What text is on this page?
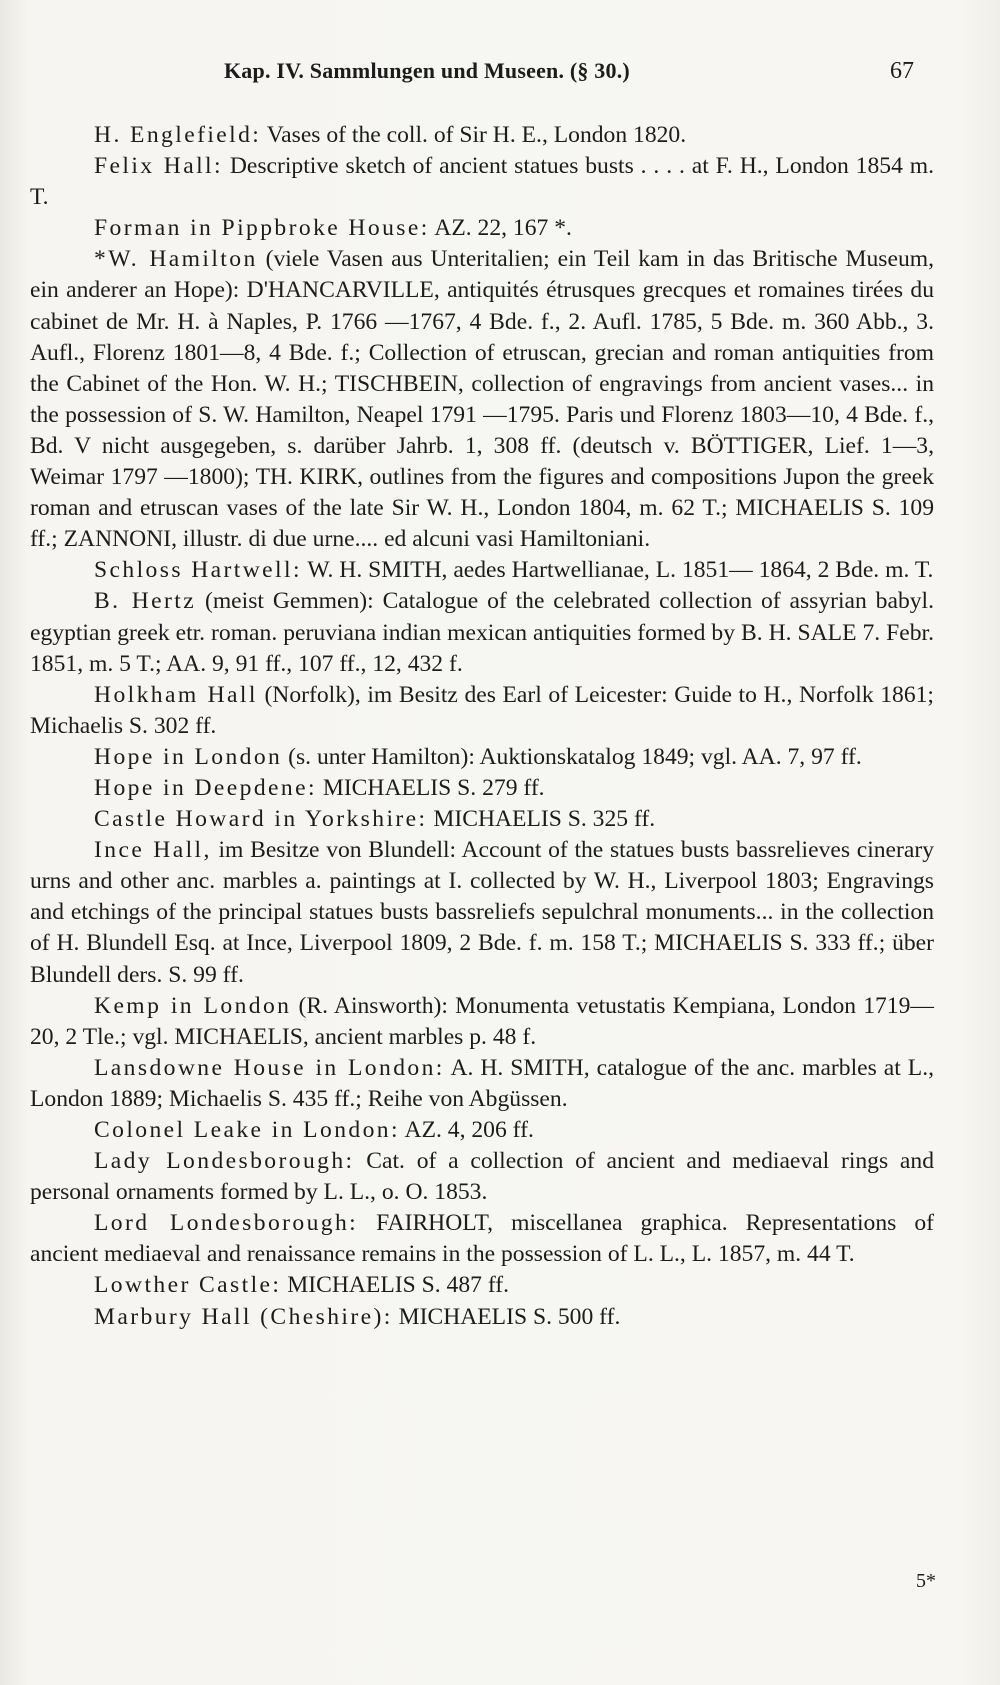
Kap. IV. Sammlungen und Museen. (§ 30.)	67

H. Englefield: Vases of the coll. of Sir H. E., London 1820.

Felix Hall: Descriptive sketch of ancient statues busts . . . . at F. H., London 1854 m. T.

Forman in Pippbroke House: AZ. 22, 167 *.

*W. Hamilton (viele Vasen aus Unteritalien; ein Teil kam in das Britische Museum, ein anderer an Hope): D'HANCARVILLE, antiquités étrusques grecques et romaines tirées du cabinet de Mr. H. à Naples, P. 1766 —1767, 4 Bde. f., 2. Aufl. 1785, 5 Bde. m. 360 Abb., 3. Aufl., Florenz 1801—8, 4 Bde. f.; Collection of etruscan, grecian and roman antiquities from the Cabinet of the Hon. W. H.; TISCHBEIN, collection of engravings from ancient vases... in the possession of S. W. Hamilton, Neapel 1791 —1795. Paris und Florenz 1803—10, 4 Bde. f., Bd. V nicht ausgegeben, s. darüber Jahrb. 1, 308 ff. (deutsch v. BÖTTIGER, Lief. 1—3, Weimar 1797 —1800); TH. KIRK, outlines from the figures and compositions Jupon the greek roman and etruscan vases of the late Sir W. H., London 1804, m. 62 T.; MICHAELIS S. 109 ff.; ZANNONI, illustr. di due urne.... ed alcuni vasi Hamiltoniani.

Schloss Hartwell: W. H. SMITH, aedes Hartwellianae, L. 1851— 1864, 2 Bde. m. T.

B. Hertz (meist Gemmen): Catalogue of the celebrated collection of assyrian babyl. egyptian greek etr. roman. peruviana indian mexican antiquities formed by B. H. SALE 7. Febr. 1851, m. 5 T.; AA. 9, 91 ff., 107 ff., 12, 432 f.

Holkham Hall (Norfolk), im Besitz des Earl of Leicester: Guide to H., Norfolk 1861; Michaelis S. 302 ff.

Hope in London (s. unter Hamilton): Auktionskatalog 1849; vgl. AA. 7, 97 ff.

Hope in Deepdene: MICHAELIS S. 279 ff.

Castle Howard in Yorkshire: MICHAELIS S. 325 ff.

Ince Hall, im Besitze von Blundell: Account of the statues busts bassrelieves cinerary urns and other anc. marbles a. paintings at I. collected by W. H., Liverpool 1803; Engravings and etchings of the principal statues busts bassreliefs sepulchral monuments... in the collection of H. Blundell Esq. at Ince, Liverpool 1809, 2 Bde. f. m. 158 T.; MICHAELIS S. 333 ff.; über Blundell ders. S. 99 ff.

Kemp in London (R. Ainsworth): Monumenta vetustatis Kempiana, London 1719—20, 2 Tle.; vgl. MICHAELIS, ancient marbles p. 48 f.

Lansdowne House in London: A. H. SMITH, catalogue of the anc. marbles at L., London 1889; Michaelis S. 435 ff.; Reihe von Abgüssen.

Colonel Leake in London: AZ. 4, 206 ff.

Lady Londesborough: Cat. of a collection of ancient and mediaeval rings and personal ornaments formed by L. L., o. O. 1853.

Lord Londesborough: FAIRHOLT, miscellanea graphica. Representations of ancient mediaeval and renaissance remains in the possession of L. L., L. 1857, m. 44 T.

Lowther Castle: MICHAELIS S. 487 ff.

Marbury Hall (Cheshire): MICHAELIS S. 500 ff.

5*
